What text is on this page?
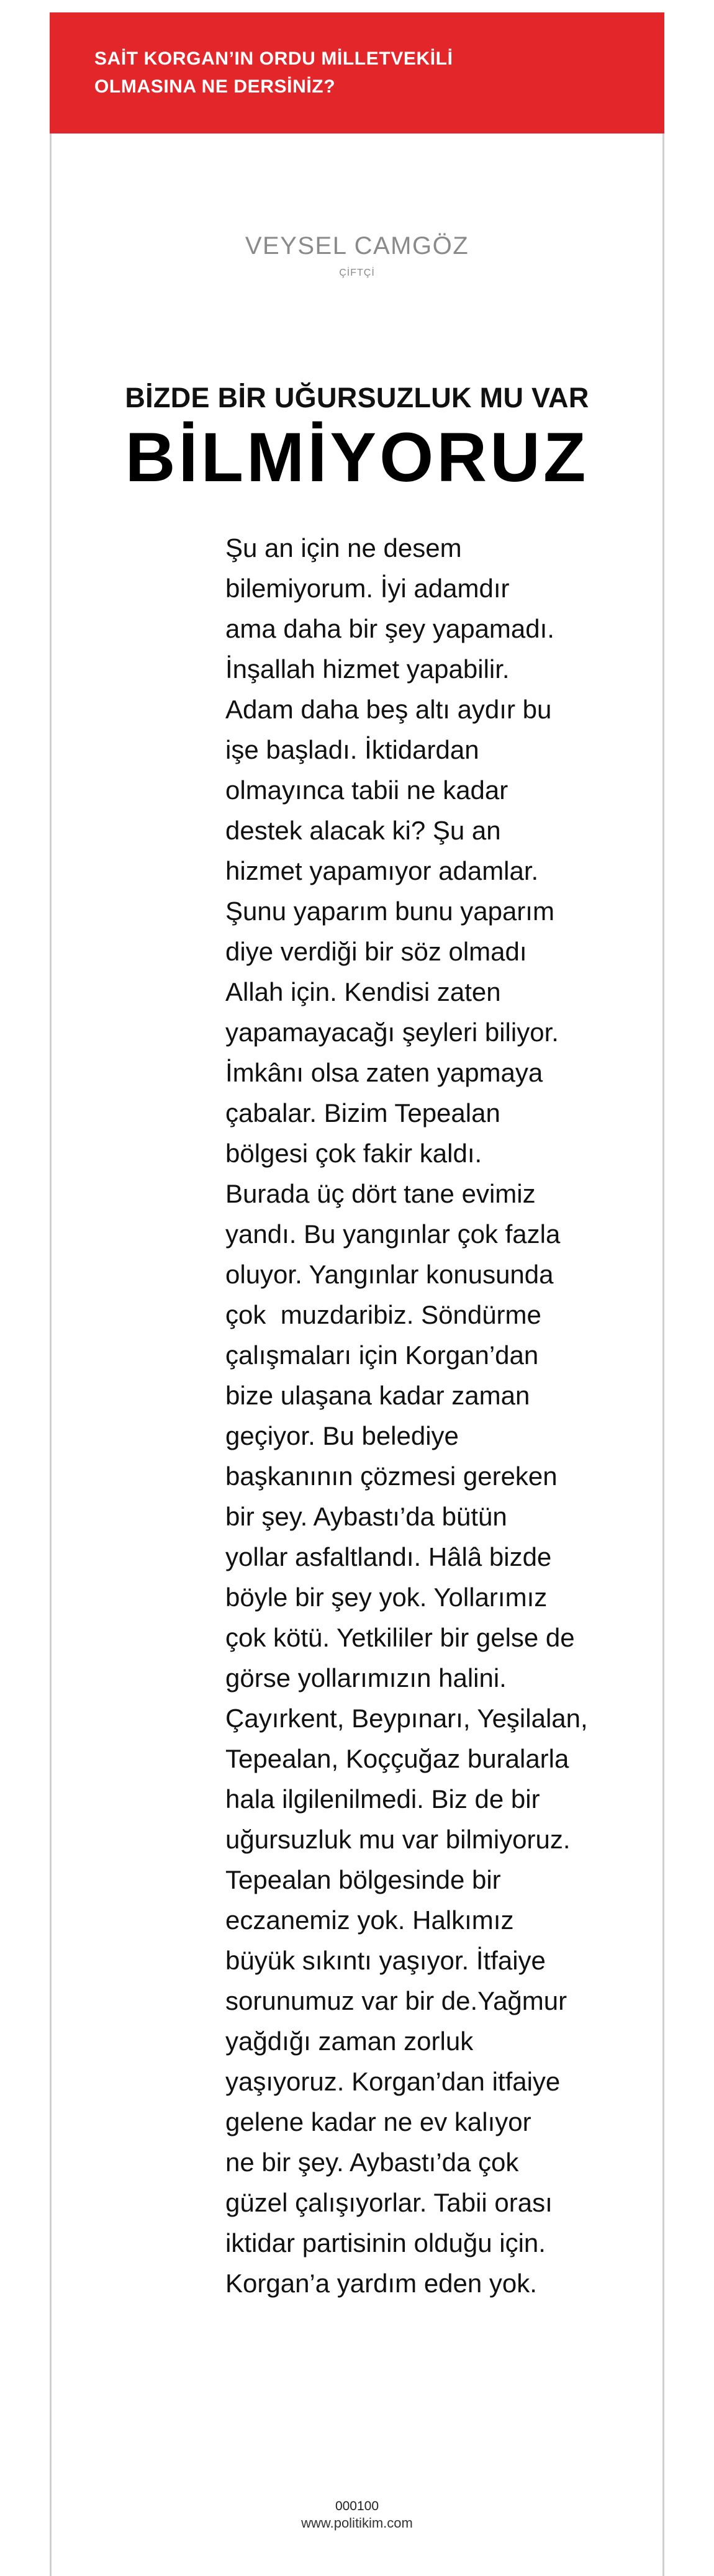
SAİT KORGAN’IN ORDU MİLLETVEKİLİ
OLMASINA NE DERSİNİZ?

VEYSEL CAMGÖZ
ÇİFTÇİ
BİZDE BİR UĞURSUZLUK MU VAR
BİLMİYORUZ
Şu an için ne desem
bilemiyorum. İyi adamdır
ama daha bir şey yapamadı.
İnşallah hizmet yapabilir.
Adam daha beş altı aydır bu
işe başladı. İktidardan
olmayınca tabii ne kadar
destek alacak ki? Şu an
hizmet yapamıyor adamlar.
Şunu yaparım bunu yaparım
diye verdiği bir söz olmadı
Allah için. Kendisi zaten
yapamayacağı şeyleri biliyor.
İmkânı olsa zaten yapmaya
çabalar. Bizim Tepealan
bölgesi çok fakir kaldı.
Burada üç dört tane evimiz
yandı. Bu yangınlar çok fazla
oluyor. Yangınlar konusunda
çok  muzdaribiz. Söndürme
çalışmaları için Korgan’dan
bize ulaşana kadar zaman
geçiyor. Bu belediye
başkanının çözmesi gereken
bir şey. Aybastı’da bütün
yollar asfaltlandı. Hâlâ bizde
böyle bir şey yok. Yollarımız
çok kötü. Yetkililer bir gelse de
görse yollarımızın halini.
Çayırkent, Beypınarı, Yeşilalan,
Tepealan, Koççuğaz buralarla
hala ilgilenilmedi. Biz de bir
uğursuzluk mu var bilmiyoruz.
Tepealan bölgesinde bir
eczanemiz yok. Halkımız
büyük sıkıntı yaşıyor. İtfaiye
sorunumuz var bir de.Yağmur
yağdığı zaman zorluk
yaşıyoruz. Korgan’dan itfaiye
gelene kadar ne ev kalıyor
ne bir şey. Aybastı’da çok
güzel çalışıyorlar. Tabii orası
iktidar partisinin olduğu için.
Korgan’a yardım eden yok.
000100
www.politikim.com
